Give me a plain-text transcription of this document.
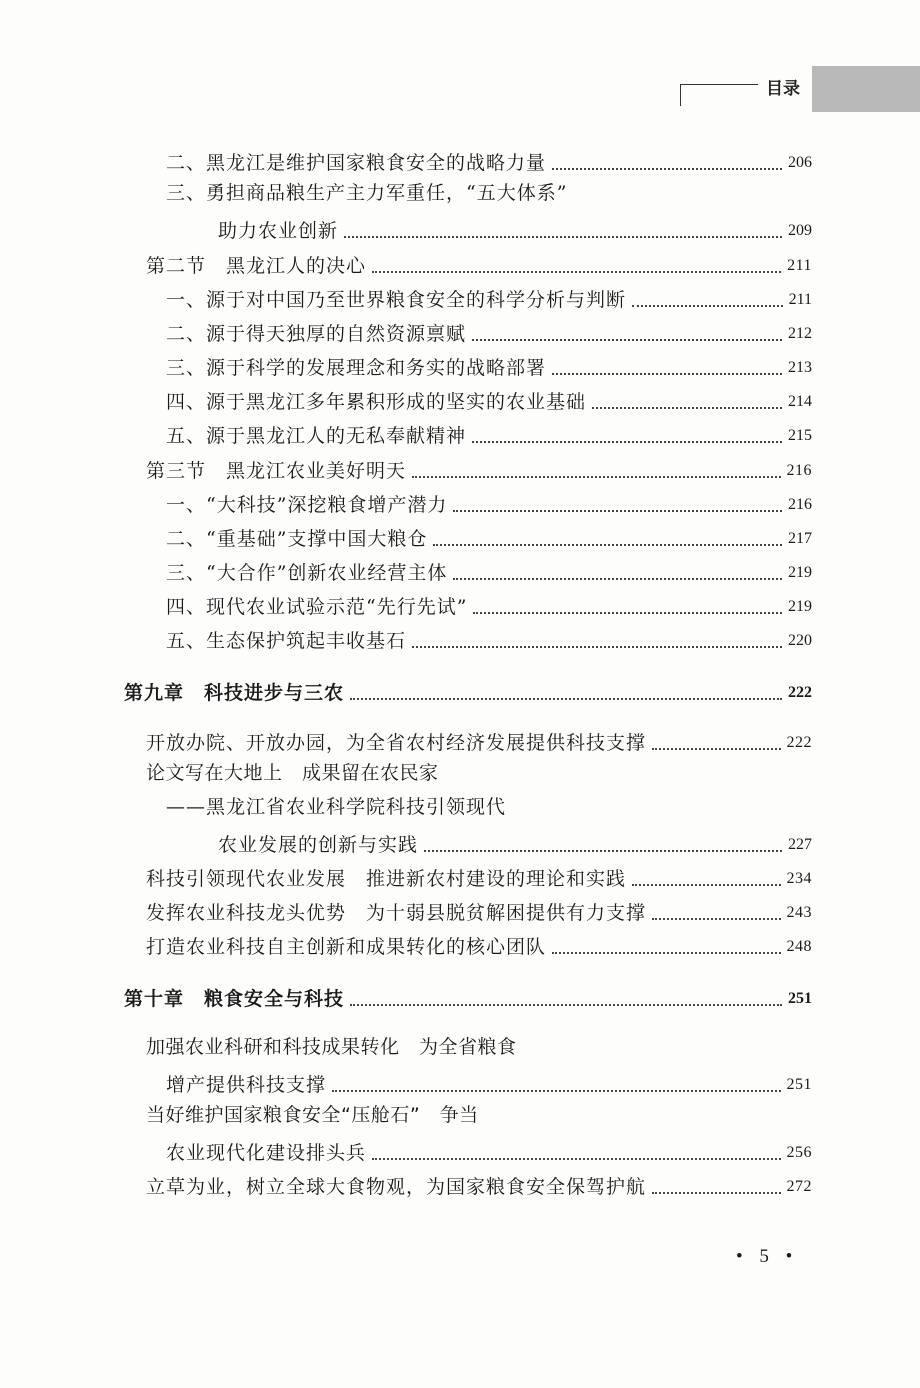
目录
二、黑龙江是维护国家粮食安全的战略力量	206
三、勇担商品粮生产主力军重任，“五大体系”
助力农业创新	209
第二节　黑龙江人的决心	211
一、源于对中国乃至世界粮食安全的科学分析与判断	211
二、源于得天独厚的自然资源禀赋	212
三、源于科学的发展理念和务实的战略部署	213
四、源于黑龙江多年累积形成的坚实的农业基础	214
五、源于黑龙江人的无私奉献精神	215
第三节　黑龙江农业美好明天	216
一、“大科技”深挖粮食增产潜力	216
二、“重基础”支撑中国大粮仓	217
三、“大合作”创新农业经营主体	219
四、现代农业试验示范“先行先试”	219
五、生态保护筑起丰收基石	220
第九章　科技进步与三农	222
开放办院、开放办园，为全省农村经济发展提供科技支撑	222
论文写在大地上　成果留在农民家
——黑龙江省农业科学院科技引领现代
农业发展的创新与实践	227
科技引领现代农业发展　推进新农村建设的理论和实践	234
发挥农业科技龙头优势　为十弱县脱贫解困提供有力支撑	243
打造农业科技自主创新和成果转化的核心团队	248
第十章　粮食安全与科技	251
加强农业科研和科技成果转化　为全省粮食
增产提供科技支撑	251
当好维护国家粮食安全“压舱石”　争当
农业现代化建设排头兵	256
立草为业，树立全球大食物观，为国家粮食安全保驾护航	272
• 5 •
